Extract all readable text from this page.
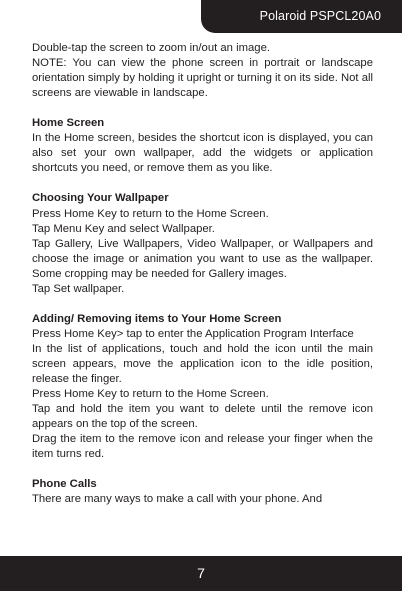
Polaroid PSPCL20A0

Double-tap the screen to zoom in/out an image.

NOTE: You can view the phone screen in portrait or landscape orientation simply by holding it upright or turning it on its side. Not all screens are viewable in landscape.

Home Screen

In the Home screen, besides the shortcut icon is displayed, you can also set your own wallpaper, add the widgets or application shortcuts you need, or remove them as you like.

Choosing Your Wallpaper

Press Home Key to return to the Home Screen.

Tap Menu Key and select Wallpaper.

Tap Gallery, Live Wallpapers, Video Wallpaper, or Wallpapers and choose the image or animation you want to use as the wallpaper. Some cropping may be needed for Gallery images.

Tap Set wallpaper.

Adding/ Removing items to Your Home Screen

Press Home Key> tap to enter the Application Program Interface

In the list of applications, touch and hold the icon until the main screen appears, move the application icon to the idle position, release the finger.

Press Home Key to return to the Home Screen.

Tap and hold the item you want to delete until the remove icon appears on the top of the screen.

Drag the item to the remove icon and release your finger when the item turns red.

Phone Calls

There are many ways to make a call with your phone. And

7
